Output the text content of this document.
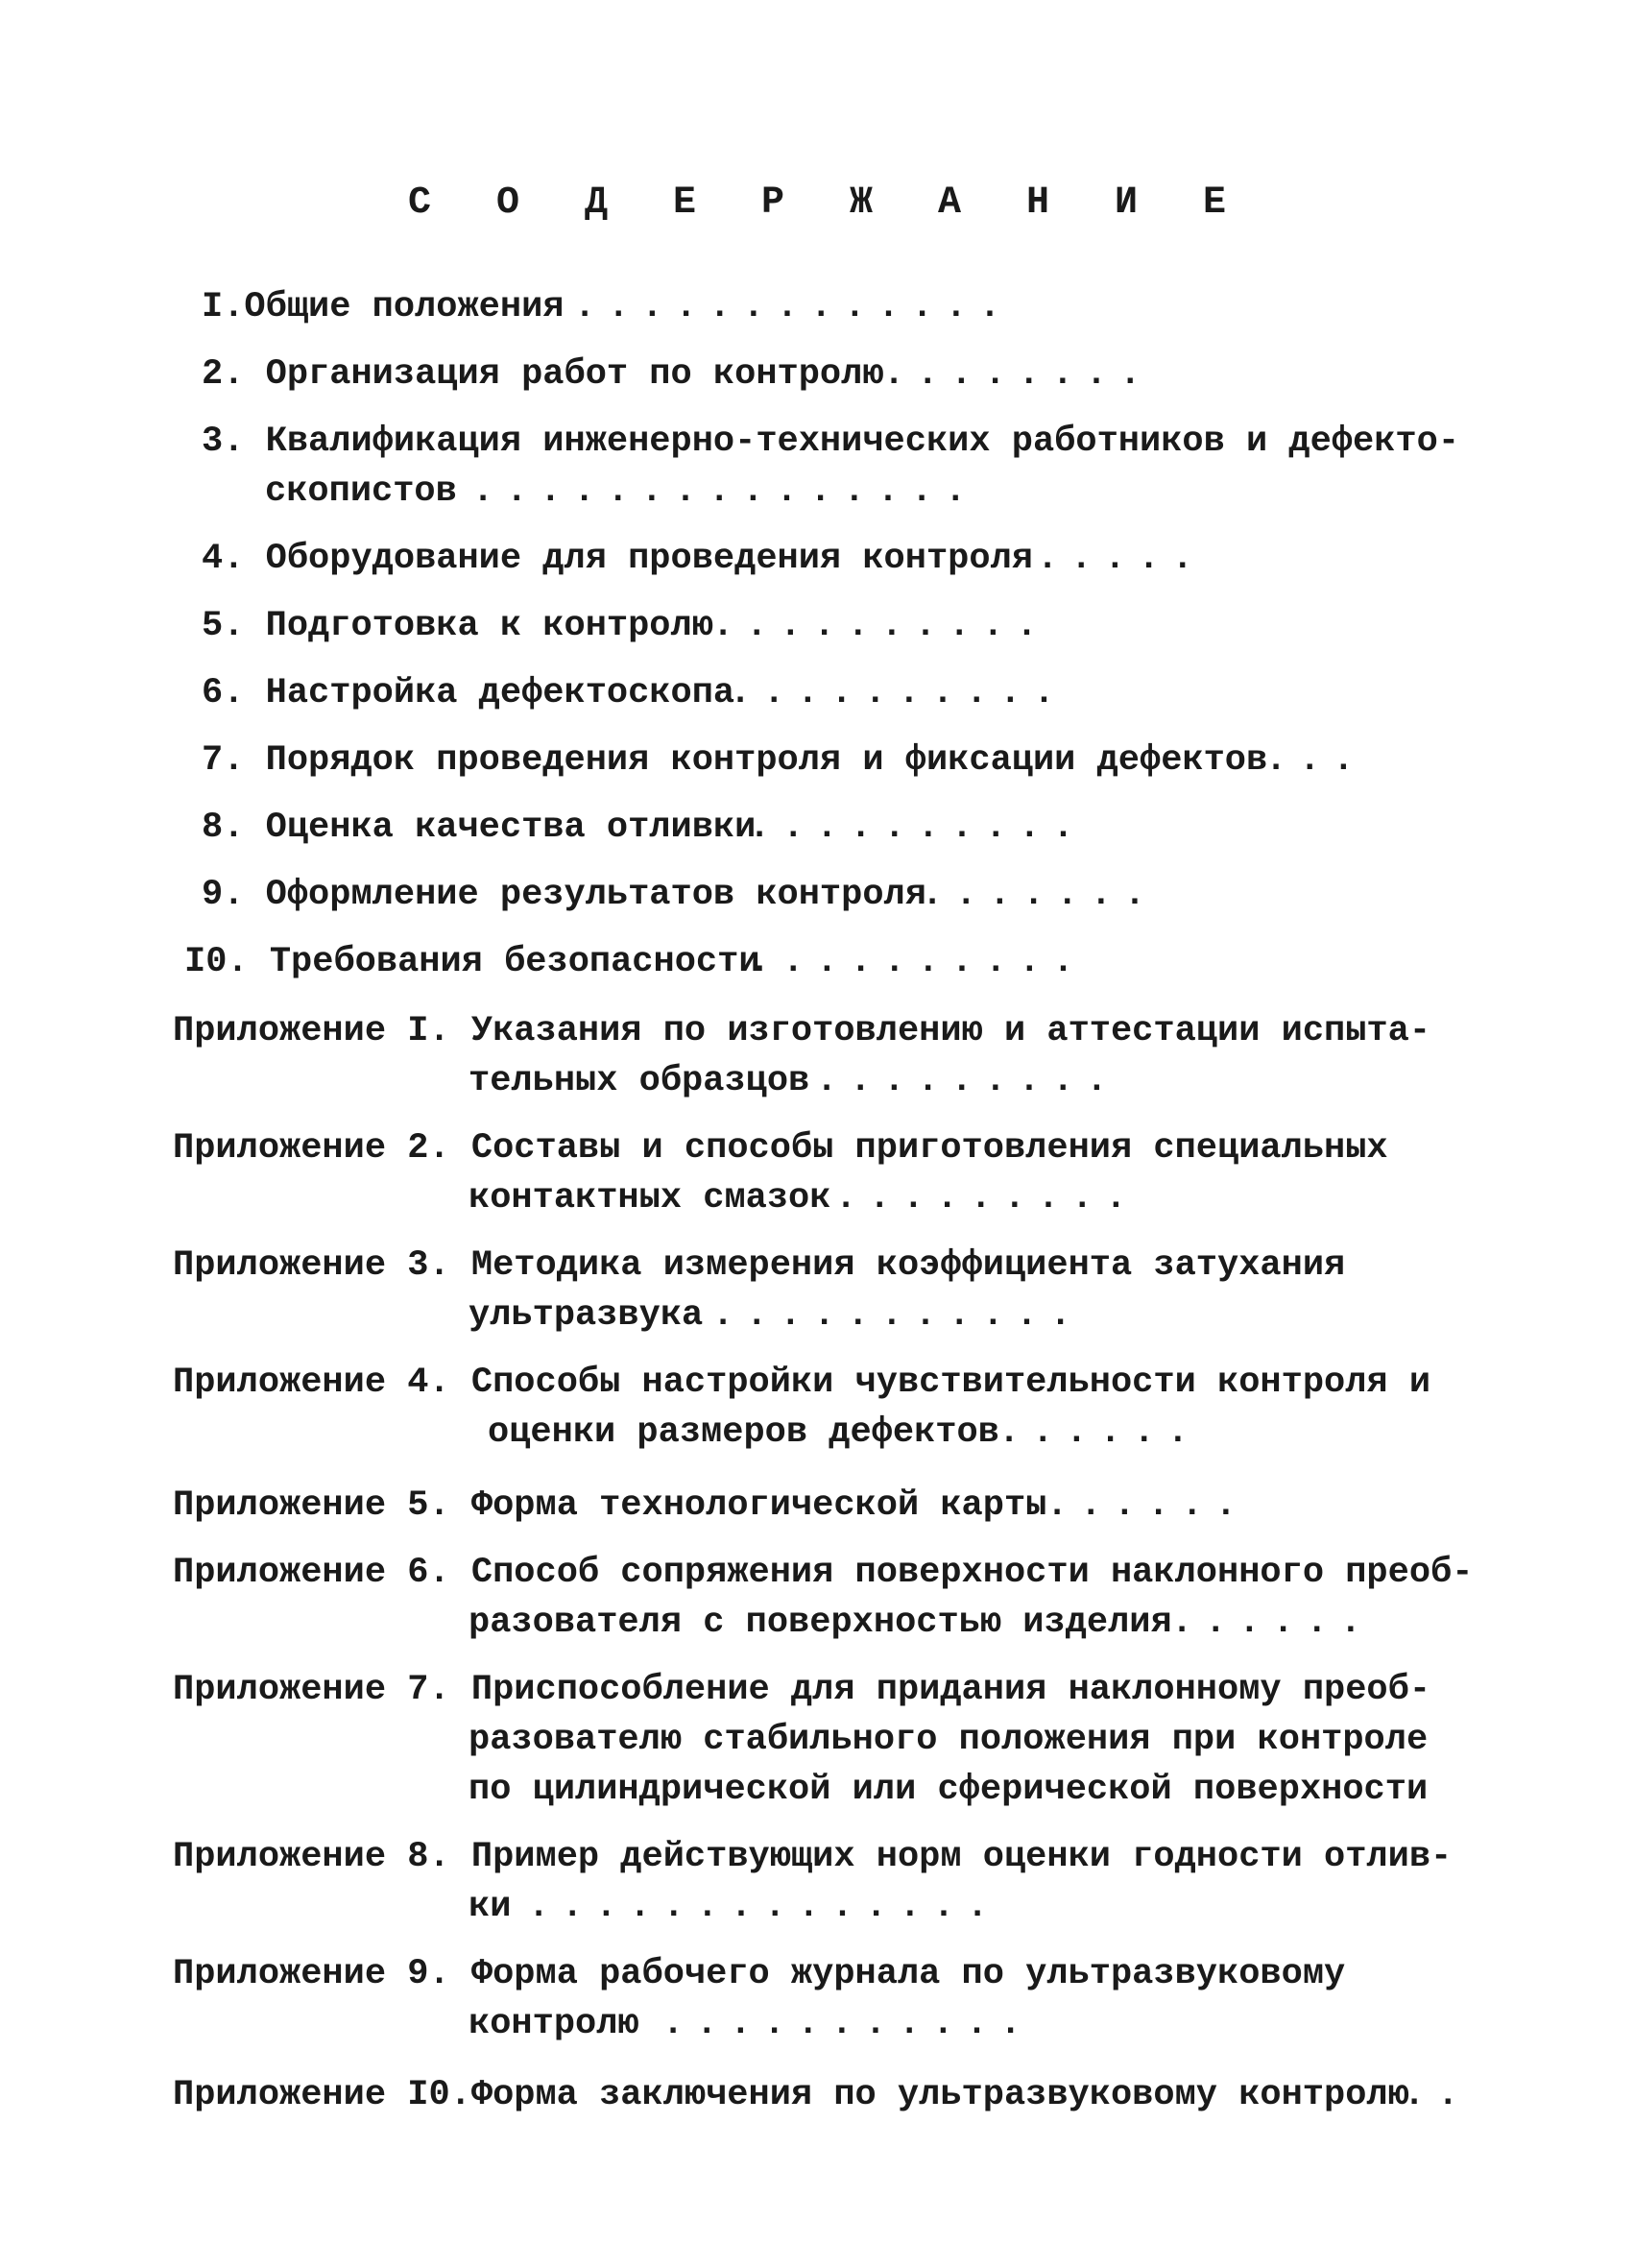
С О Д Е Р Ж А Н И Е
I.Общие положения .............
2. Организация работ по контролю ........
3. Квалификация инженерно-технических работников и дефекто-
скопистов ...............
4. Оборудование для проведения контроля .....
5. Подготовка к контролю ..........
6. Настройка дефектоскопа
..........
7. Порядок проведения контроля и фиксации дефектов
...
8. Оценка качества отливки
..........
9. Оформление результатов контроля
.......
I0. Требования безопасности
..........
Приложение I. Указания по изготовлению и аттестации испыта-
тельных образцов .........
Приложение 2. Составы и способы приготовления специальных
контактных смазок .........
Приложение 3. Методика измерения коэффициента затухания
ультразвука ...........
Приложение 4. Способы настройки чувствительности контроля и
оценки размеров дефектов ......
Приложение 5. Форма технологической карты ......
Приложение 6. Способ сопряжения поверхности наклонного преоб-
разователя с поверхностью изделия ......
Приложение 7. Приспособление для придания наклонному преоб-
разователю стабильного положения при контроле
по цилиндрической или сферической поверхности
Приложение 8. Пример действующих норм оценки годности отлив-
ки ..............
Приложение 9. Форма рабочего журнала по ультразвуковому
контролю ...........
Приложение I0.Форма заключения по ультразвуковому контролю
..
